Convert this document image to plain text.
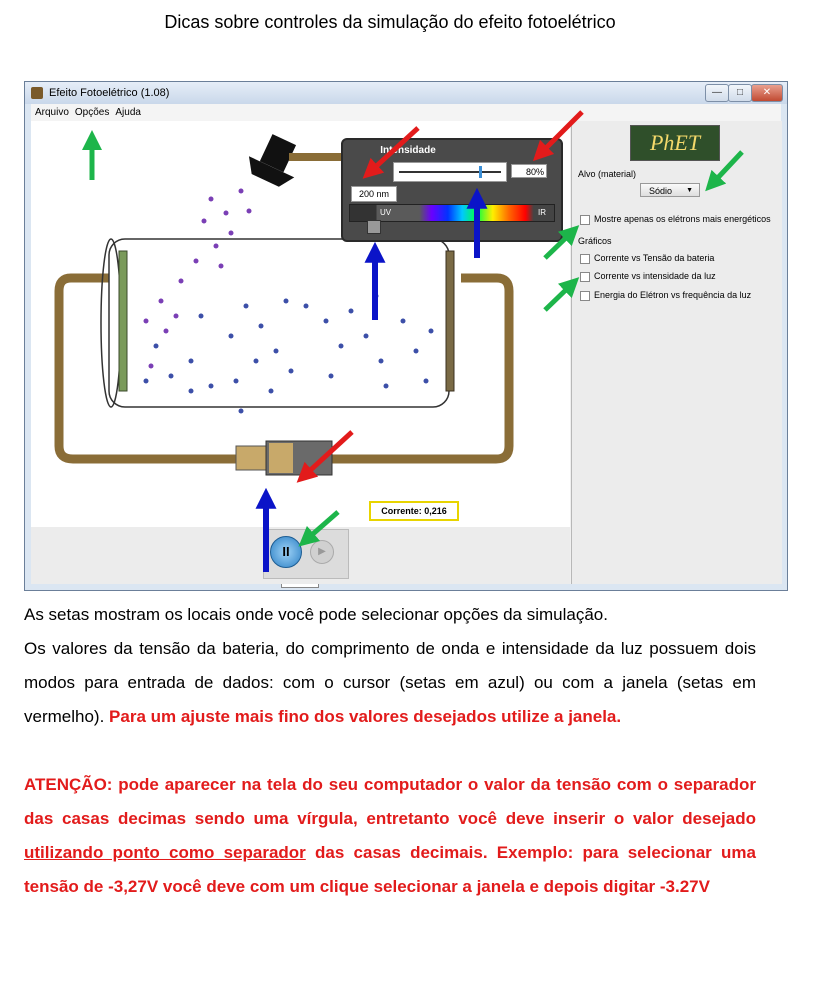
Dicas sobre controles da simulação do efeito fotoelétrico
Efeito Fotoelétrico (1.08)	—	□	✕
Arquivo Opções Ajuda
Intensidade
80%
200 nm
UV	IR
Corrente: 0,216
II	▶
PhET
Alvo (material)
Sódio ▼
Mostre apenas os elétrons mais energéticos
Gráficos
Corrente vs Tensão da bateria
Corrente vs intensidade da luz
Energia do Elétron vs frequência da luz
As setas mostram os locais onde você pode selecionar opções da simulação.
Os valores da tensão da bateria, do comprimento de onda e intensidade da luz possuem dois modos para entrada de dados: com o cursor (setas em azul) ou com a janela (setas em vermelho). Para um ajuste mais fino dos valores desejados utilize a janela.
ATENÇÃO: pode aparecer na tela do seu computador o valor da tensão com o separador das casas decimas sendo uma vírgula, entretanto você deve inserir o valor desejado utilizando ponto como separador das casas decimais. Exemplo: para selecionar uma tensão de -3,27V você deve com um clique selecionar a janela e depois digitar -3.27V
